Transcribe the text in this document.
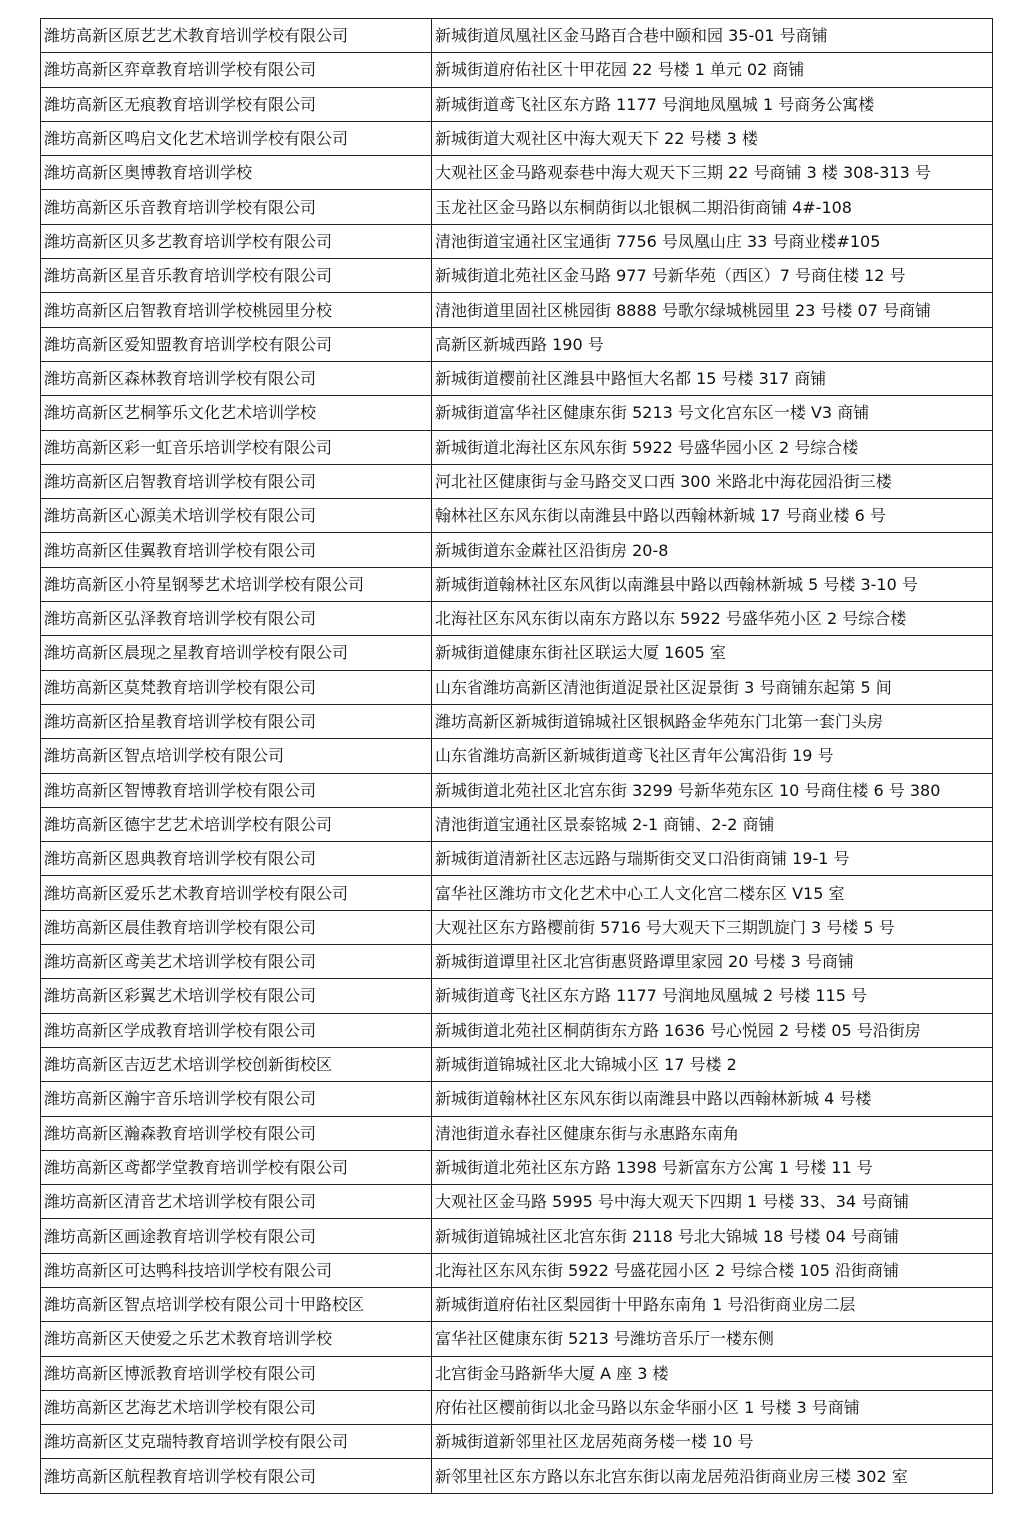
潍坊高新区原艺艺术教育培训学校有限公司	新城街道凤凰社区金马路百合巷中颐和园 35-01 号商铺
潍坊高新区弈章教育培训学校有限公司	新城街道府佑社区十甲花园 22 号楼 1 单元 02 商铺
潍坊高新区无痕教育培训学校有限公司	新城街道鸢飞社区东方路 1177 号润地凤凰城 1 号商务公寓楼
潍坊高新区鸣启文化艺术培训学校有限公司	新城街道大观社区中海大观天下 22 号楼 3 楼
潍坊高新区奥博教育培训学校	大观社区金马路观泰巷中海大观天下三期 22 号商铺 3 楼 308-313 号
潍坊高新区乐音教育培训学校有限公司	玉龙社区金马路以东桐荫街以北银枫二期沿街商铺 4#-108
潍坊高新区贝多艺教育培训学校有限公司	清池街道宝通社区宝通街 7756 号凤凰山庄 33 号商业楼#105
潍坊高新区星音乐教育培训学校有限公司	新城街道北苑社区金马路 977 号新华苑（西区）7 号商住楼 12 号
潍坊高新区启智教育培训学校桃园里分校	清池街道里固社区桃园街 8888 号歌尔绿城桃园里 23 号楼 07 号商铺
潍坊高新区爱知盟教育培训学校有限公司	高新区新城西路 190 号
潍坊高新区森林教育培训学校有限公司	新城街道樱前社区潍县中路恒大名都 15 号楼 317 商铺
潍坊高新区艺桐筝乐文化艺术培训学校	新城街道富华社区健康东街 5213 号文化宫东区一楼 V3 商铺
潍坊高新区彩一虹音乐培训学校有限公司	新城街道北海社区东风东街 5922 号盛华园小区 2 号综合楼
潍坊高新区启智教育培训学校有限公司	河北社区健康街与金马路交叉口西 300 米路北中海花园沿街三楼
潍坊高新区心源美术培训学校有限公司	翰林社区东风东街以南潍县中路以西翰林新城 17 号商业楼 6 号
潍坊高新区佳翼教育培训学校有限公司	新城街道东金蔴社区沿街房 20-8
潍坊高新区小符星钢琴艺术培训学校有限公司	新城街道翰林社区东风街以南潍县中路以西翰林新城 5 号楼 3-10 号
潍坊高新区弘泽教育培训学校有限公司	北海社区东风东街以南东方路以东 5922 号盛华苑小区 2 号综合楼
潍坊高新区晨现之星教育培训学校有限公司	新城街道健康东街社区联运大厦 1605 室
潍坊高新区莫梵教育培训学校有限公司	山东省潍坊高新区清池街道浞景社区浞景街 3 号商铺东起第 5 间
潍坊高新区拾星教育培训学校有限公司	潍坊高新区新城街道锦城社区银枫路金华苑东门北第一套门头房
潍坊高新区智点培训学校有限公司	山东省潍坊高新区新城街道鸢飞社区青年公寓沿街 19 号
潍坊高新区智博教育培训学校有限公司	新城街道北苑社区北宫东街 3299 号新华苑东区 10 号商住楼 6 号 380
潍坊高新区德宇艺艺术培训学校有限公司	清池街道宝通社区景泰铭城 2-1 商铺、2-2 商铺
潍坊高新区恩典教育培训学校有限公司	新城街道清新社区志远路与瑞斯街交叉口沿街商铺 19-1 号
潍坊高新区爱乐艺术教育培训学校有限公司	富华社区潍坊市文化艺术中心工人文化宫二楼东区 V15 室
潍坊高新区晨佳教育培训学校有限公司	大观社区东方路樱前街 5716 号大观天下三期凯旋门 3 号楼 5 号
潍坊高新区鸢美艺术培训学校有限公司	新城街道谭里社区北宫街惠贤路谭里家园 20 号楼 3 号商铺
潍坊高新区彩翼艺术培训学校有限公司	新城街道鸢飞社区东方路 1177 号润地凤凰城 2 号楼 115 号
潍坊高新区学成教育培训学校有限公司	新城街道北苑社区桐荫街东方路 1636 号心悦园 2 号楼 05 号沿街房
潍坊高新区吉迈艺术培训学校创新街校区	新城街道锦城社区北大锦城小区 17 号楼 2
潍坊高新区瀚宇音乐培训学校有限公司	新城街道翰林社区东风东街以南潍县中路以西翰林新城 4 号楼
潍坊高新区瀚森教育培训学校有限公司	清池街道永春社区健康东街与永惠路东南角
潍坊高新区鸢都学堂教育培训学校有限公司	新城街道北苑社区东方路 1398 号新富东方公寓 1 号楼 11 号
潍坊高新区清音艺术培训学校有限公司	大观社区金马路 5995 号中海大观天下四期 1 号楼 33、34 号商铺
潍坊高新区画途教育培训学校有限公司	新城街道锦城社区北宫东街 2118 号北大锦城 18 号楼 04 号商铺
潍坊高新区可达鸭科技培训学校有限公司	北海社区东风东街 5922 号盛花园小区 2 号综合楼 105 沿街商铺
潍坊高新区智点培训学校有限公司十甲路校区	新城街道府佑社区梨园街十甲路东南角 1 号沿街商业房二层
潍坊高新区天使爱之乐艺术教育培训学校	富华社区健康东街 5213 号潍坊音乐厅一楼东侧
潍坊高新区博派教育培训学校有限公司	北宫街金马路新华大厦 A 座 3 楼
潍坊高新区艺海艺术培训学校有限公司	府佑社区樱前街以北金马路以东金华丽小区 1 号楼 3 号商铺
潍坊高新区艾克瑞特教育培训学校有限公司	新城街道新邻里社区龙居苑商务楼一楼 10 号
潍坊高新区航程教育培训学校有限公司	新邻里社区东方路以东北宫东街以南龙居苑沿街商业房三楼 302 室
